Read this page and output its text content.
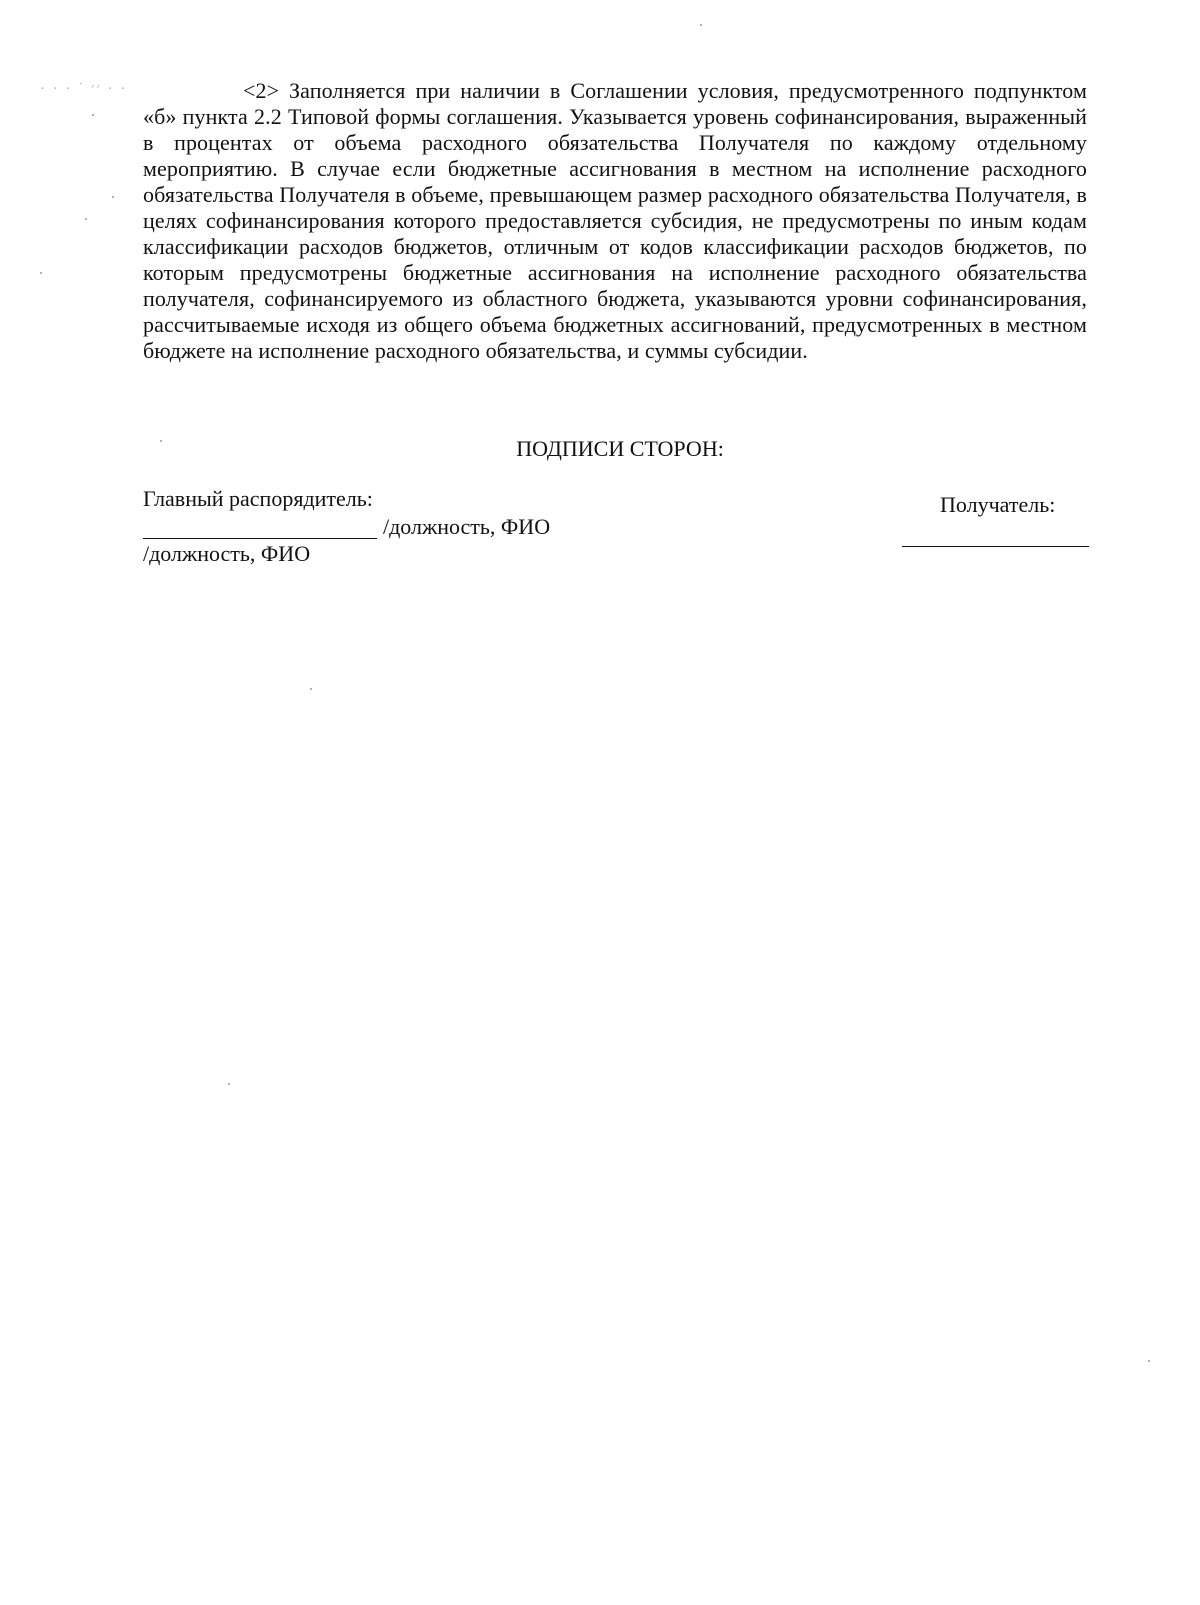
· · · ˙ ׳׳ · ·	<2> Заполняется при наличии в Соглашении условия, предусмотренного подпунктом «б» пункта 2.2 Типовой формы соглашения. Указывается уровень софинансирования, выраженный в процентах от объема расходного обязательства Получателя по каждому отдельному мероприятию. В случае если бюджетные ассигнования в местном на исполнение расходного обязательства Получателя в объеме, превышающем размер расходного обязательства Получателя, в целях софинансирования которого предоставляется субсидия, не предусмотрены по иным кодам классификации расходов бюджетов, отличным от кодов классификации расходов бюджетов, по которым предусмотрены бюджетные ассигнования на исполнение расходного обязательства получателя, софинансируемого из областного бюджета, указываются уровни софинансирования, рассчитываемые исходя из общего объема бюджетных ассигнований, предусмотренных в местном бюджете на исполнение расходного обязательства, и суммы субсидии.

ПОДПИСИ СТОРОН:
Главный распорядитель:
/должность, ФИО
/должность, ФИО
Получатель:
